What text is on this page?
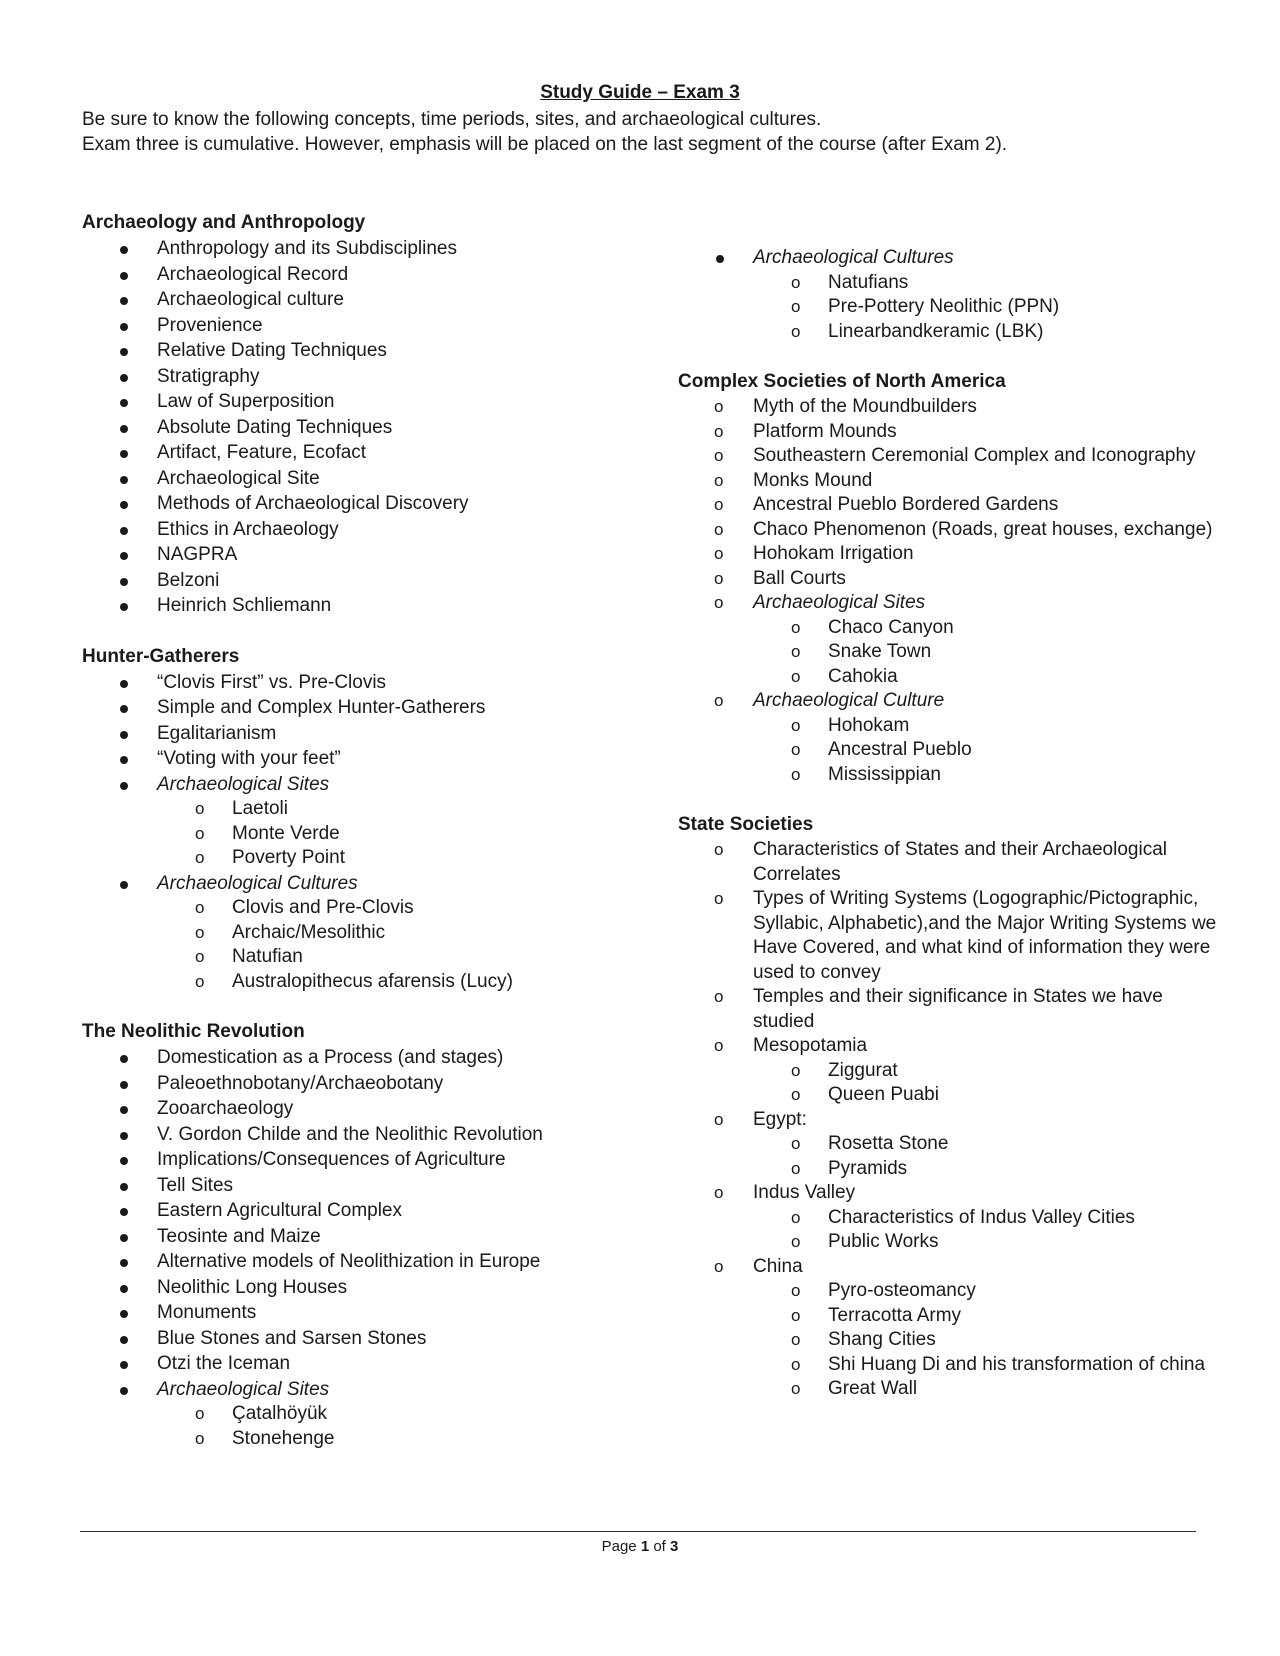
Study Guide – Exam 3
Be sure to know the following concepts, time periods, sites, and archaeological cultures.
Exam three is cumulative. However, emphasis will be placed on the last segment of the course (after Exam 2).
Archaeology and Anthropology
Anthropology and its Subdisciplines
Archaeological Record
Archaeological culture
Provenience
Relative Dating Techniques
Stratigraphy
Law of Superposition
Absolute Dating Techniques
Artifact, Feature, Ecofact
Archaeological Site
Methods of Archaeological Discovery
Ethics in Archaeology
NAGPRA
Belzoni
Heinrich Schliemann
Hunter-Gatherers
“Clovis First” vs. Pre-Clovis
Simple and Complex Hunter-Gatherers
Egalitarianism
“Voting with your feet”
Archaeological Sites
o Laetoli
o Monte Verde
o Poverty Point
Archaeological Cultures
o Clovis and Pre-Clovis
o Archaic/Mesolithic
o Natufian
o Australopithecus afarensis (Lucy)
The Neolithic Revolution
Domestication as a Process (and stages)
Paleoethnobotany/Archaeobotany
Zooarchaeology
V. Gordon Childe and the Neolithic Revolution
Implications/Consequences of Agriculture
Tell Sites
Eastern Agricultural Complex
Teosinte and Maize
Alternative models of Neolithization in Europe
Neolithic Long Houses
Monuments
Blue Stones and Sarsen Stones
Otzi the Iceman
Archaeological Sites
o Çatalhöyük
o Stonehenge
Archaeological Cultures
o Natufians
o Pre-Pottery Neolithic (PPN)
o Linearbandkeramic (LBK)
Complex Societies of North America
o Myth of the Moundbuilders
o Platform Mounds
o Southeastern Ceremonial Complex and Iconography
o Monks Mound
o Ancestral Pueblo Bordered Gardens
o Chaco Phenomenon (Roads, great houses, exchange)
o Hohokam Irrigation
o Ball Courts
o Archaeological Sites
o Chaco Canyon
o Snake Town
o Cahokia
o Archaeological Culture
o Hohokam
o Ancestral Pueblo
o Mississippian
State Societies
o Characteristics of States and their Archaeological Correlates
o Types of Writing Systems (Logographic/Pictographic, Syllabic, Alphabetic),and the Major Writing Systems we Have Covered, and what kind of information they were used to convey
o Temples and their significance in States we have studied
o Mesopotamia
o Ziggurat
o Queen Puabi
o Egypt:
o Rosetta Stone
o Pyramids
o Indus Valley
o Characteristics of Indus Valley Cities
o Public Works
o China
o Pyro-osteomancy
o Terracotta Army
o Shang Cities
o Shi Huang Di and his transformation of china
o Great Wall
Page 1 of 3
